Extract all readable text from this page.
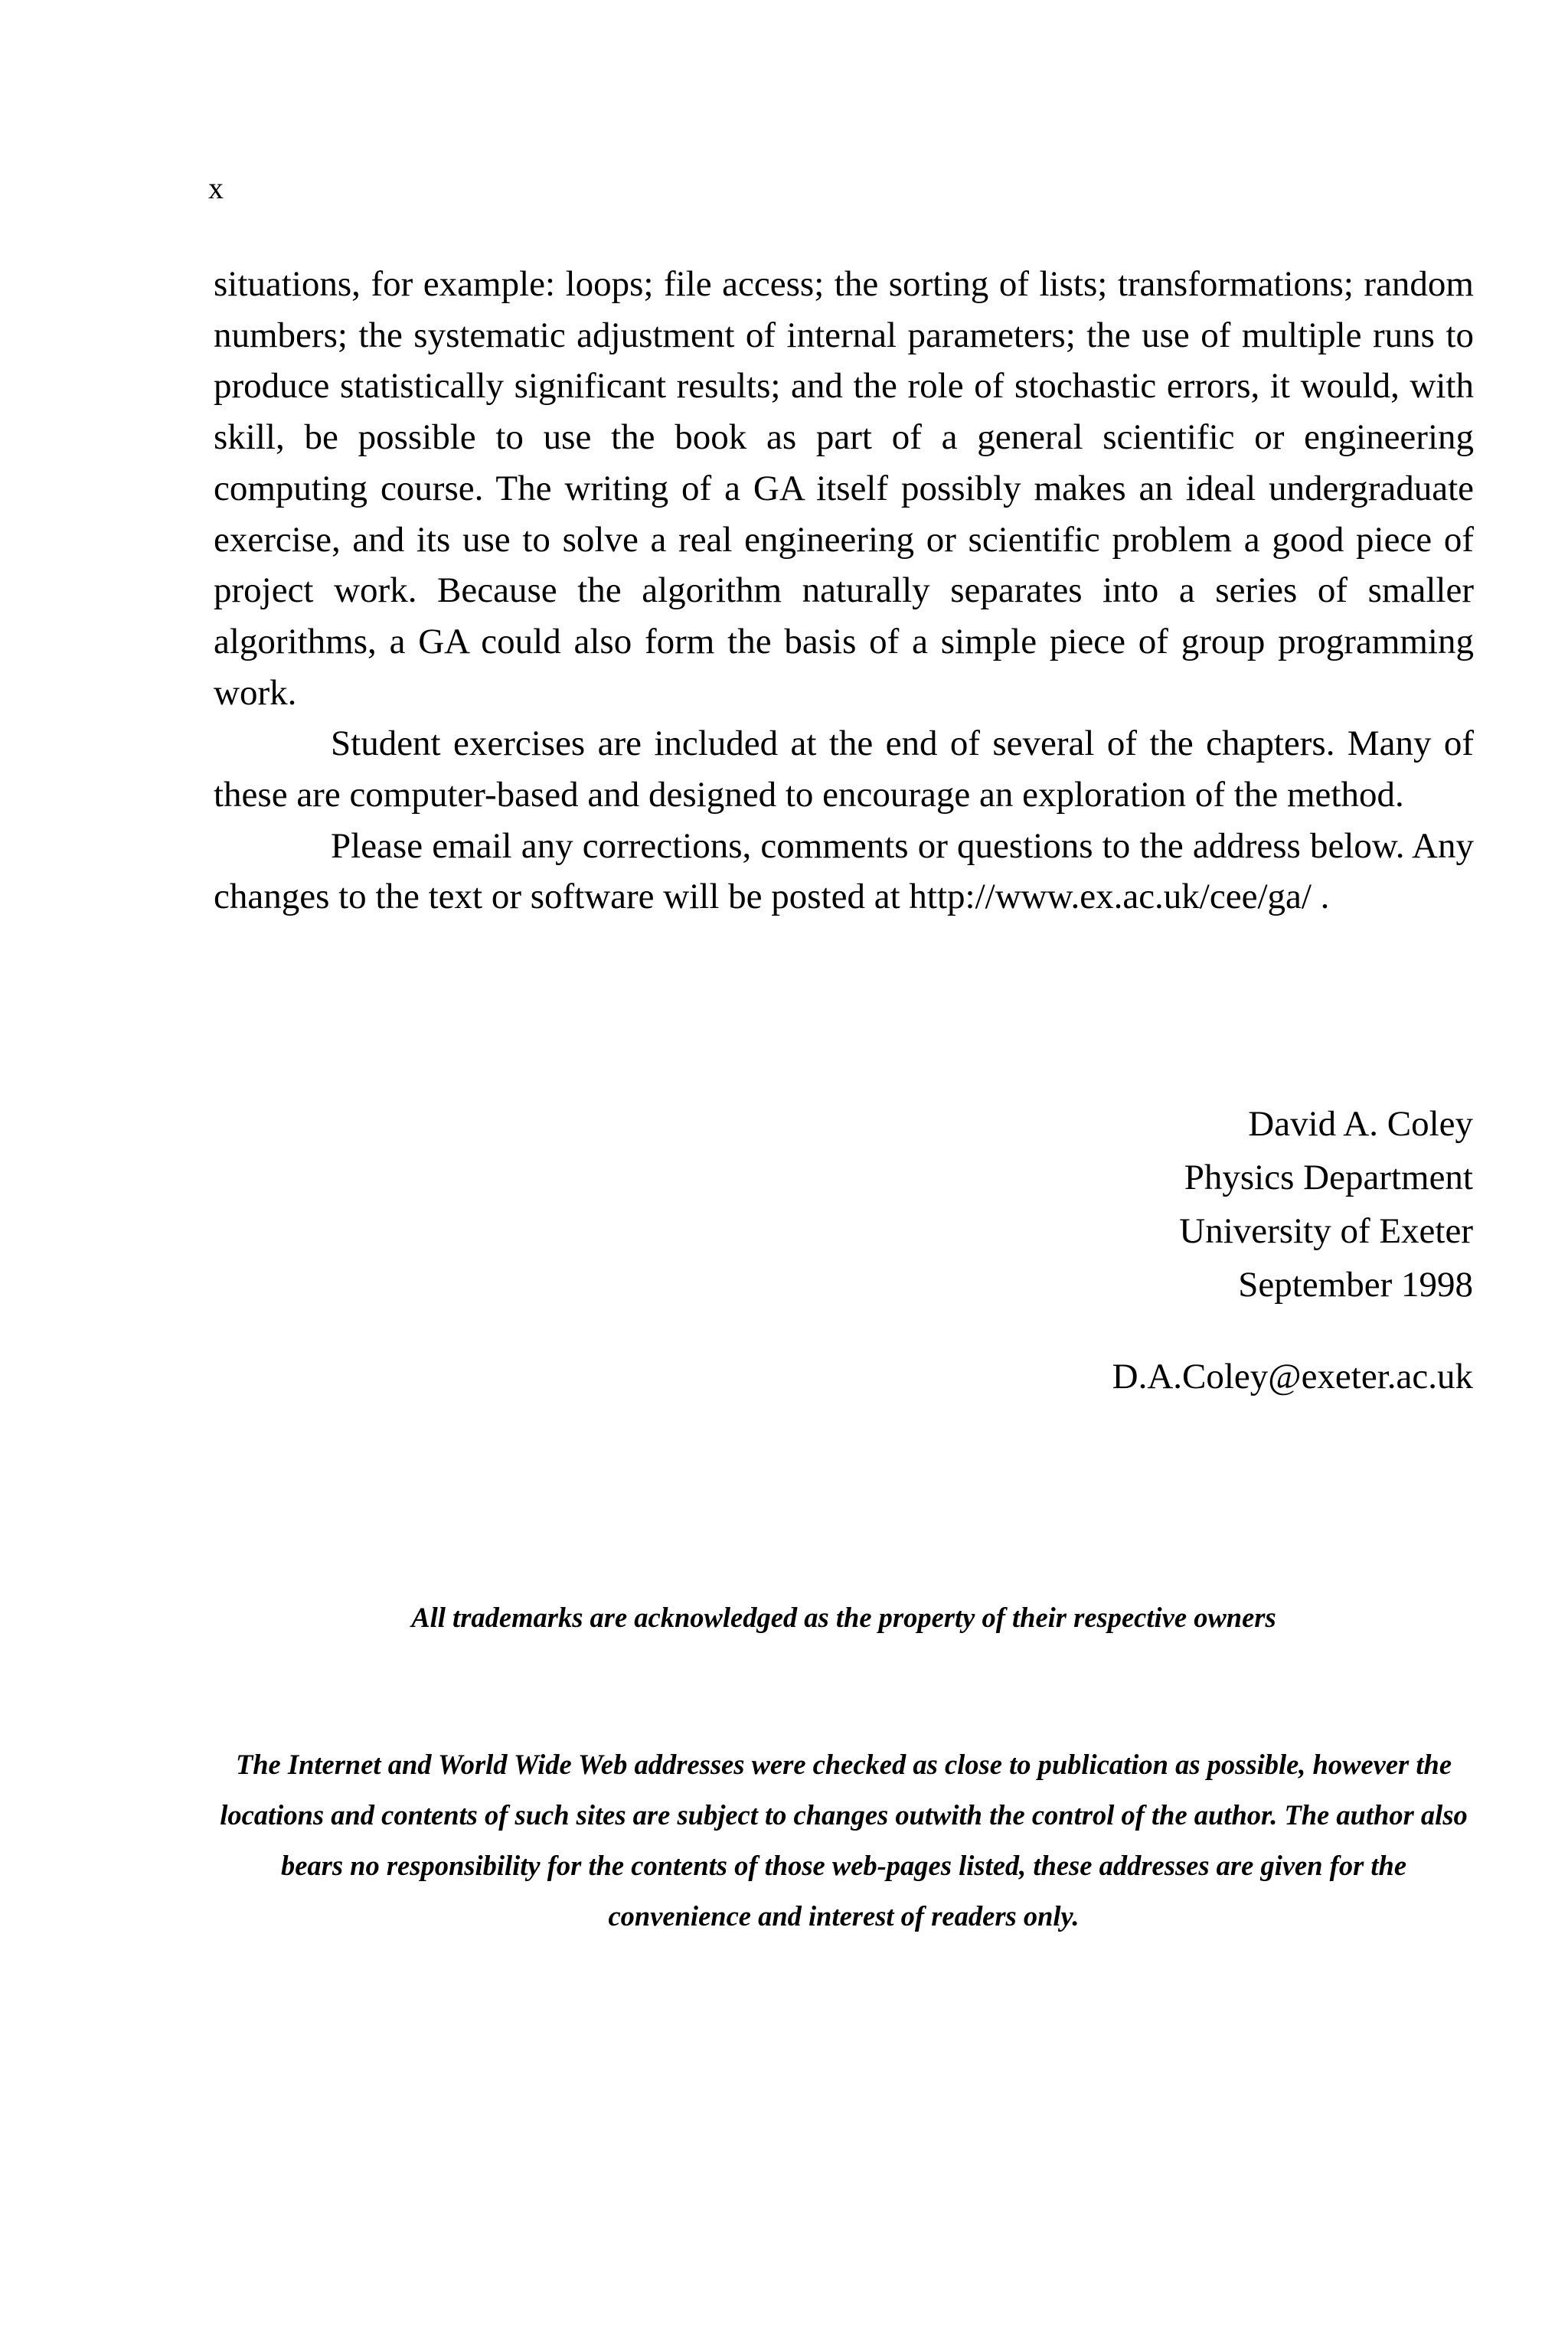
x

situations, for example: loops; file access; the sorting of lists; transformations; random numbers; the systematic adjustment of internal parameters; the use of multiple runs to produce statistically significant results; and the role of stochastic errors, it would, with skill, be possible to use the book as part of a general scientific or engineering computing course. The writing of a GA itself possibly makes an ideal undergraduate exercise, and its use to solve a real engineering or scientific problem a good piece of project work. Because the algorithm naturally separates into a series of smaller algorithms, a GA could also form the basis of a simple piece of group programming work.

Student exercises are included at the end of several of the chapters. Many of these are computer-based and designed to encourage an exploration of the method.

Please email any corrections, comments or questions to the address below. Any changes to the text or software will be posted at http://www.ex.ac.uk/cee/ga/ .

David A. Coley
Physics Department
University of Exeter
September 1998
D.A.Coley@exeter.ac.uk
All trademarks are acknowledged as the property of their respective owners
The Internet and World Wide Web addresses were checked as close to publication as possible, however the locations and contents of such sites are subject to changes outwith the control of the author. The author also bears no responsibility for the contents of those web-pages listed, these addresses are given for the convenience and interest of readers only.
